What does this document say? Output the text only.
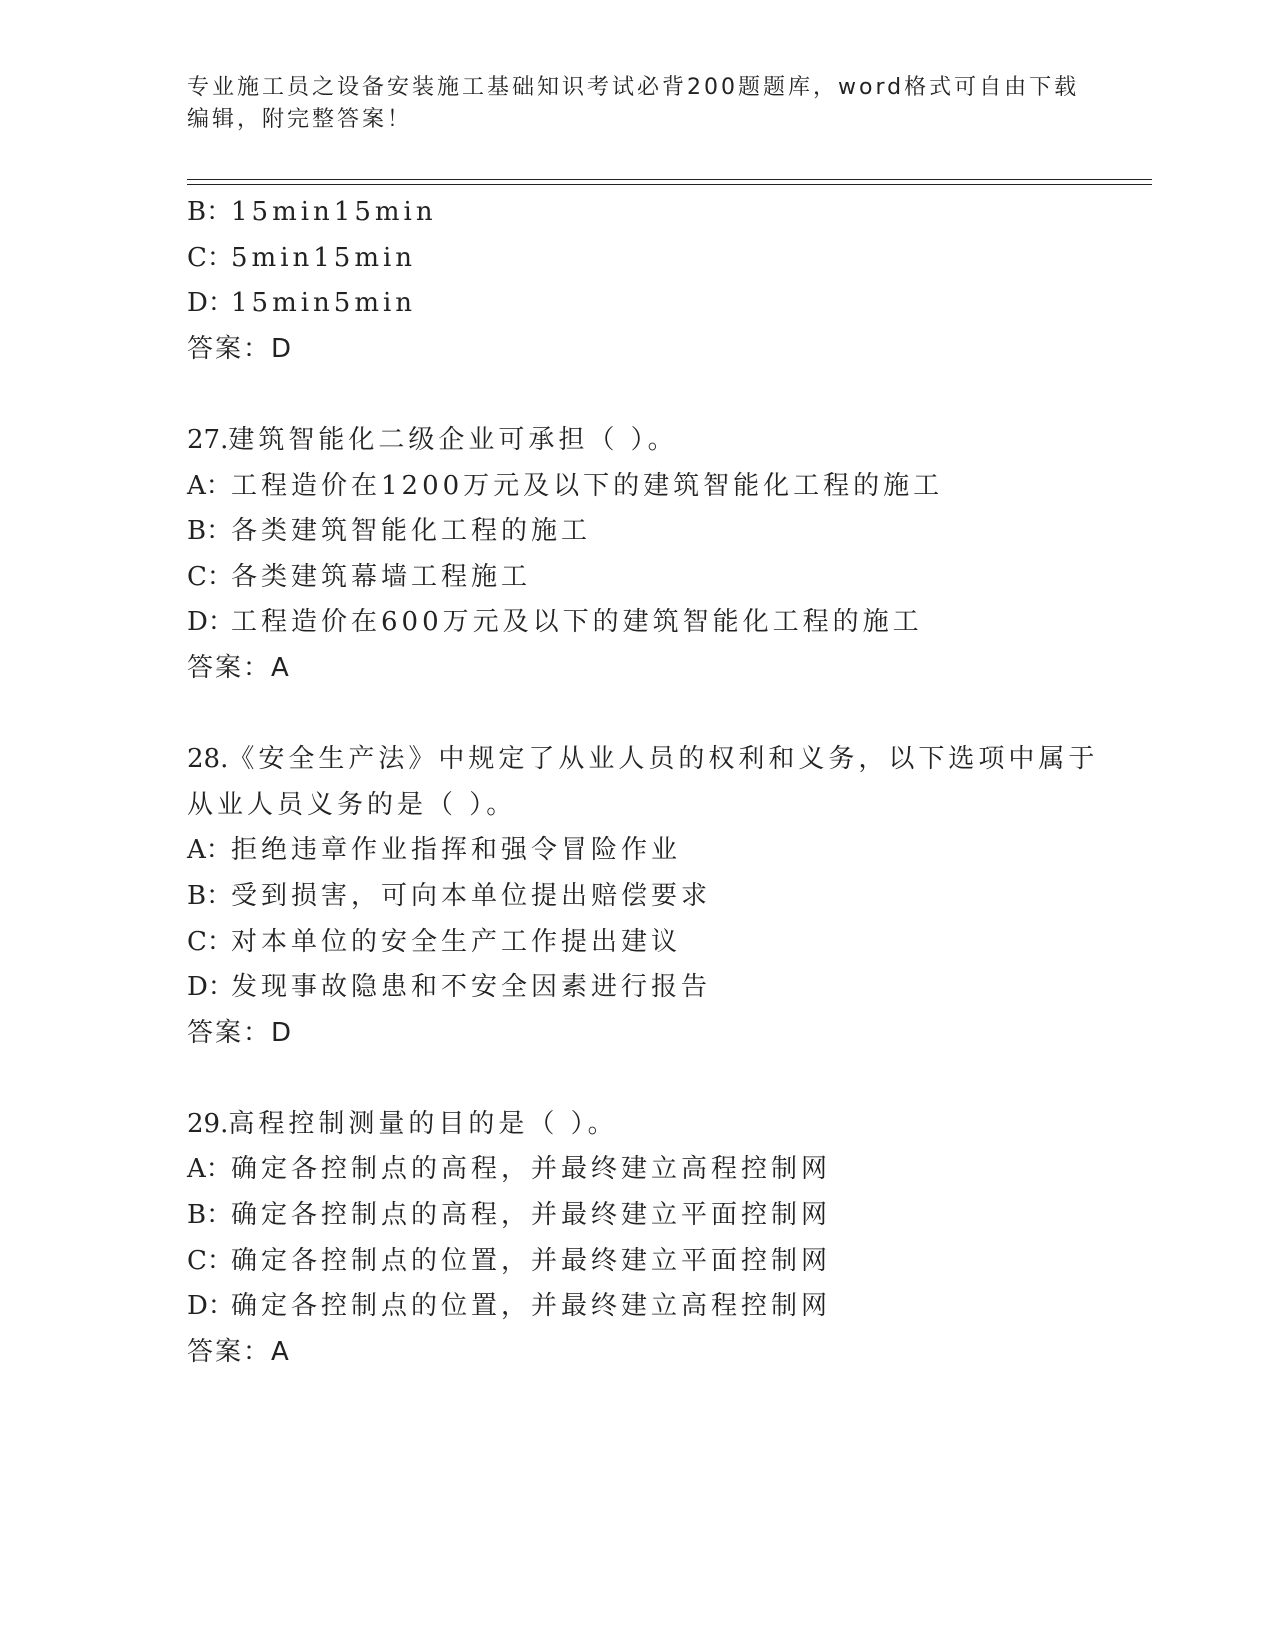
专业施工员之设备安装施工基础知识考试必背200题题库，word格式可自由下载
编辑，附完整答案！
B：15min15min
C：5min15min
D：15min5min
答案：D
27.建筑智能化二级企业可承担（ ）。
A：工程造价在1200万元及以下的建筑智能化工程的施工
B：各类建筑智能化工程的施工
C：各类建筑幕墙工程施工
D：工程造价在600万元及以下的建筑智能化工程的施工
答案：A
28.《安全生产法》中规定了从业人员的权利和义务，以下选项中属于
从业人员义务的是（ ）。
A：拒绝违章作业指挥和强令冒险作业
B：受到损害，可向本单位提出赔偿要求
C：对本单位的安全生产工作提出建议
D：发现事故隐患和不安全因素进行报告
答案：D
29.高程控制测量的目的是（ ）。
A：确定各控制点的高程，并最终建立高程控制网
B：确定各控制点的高程，并最终建立平面控制网
C：确定各控制点的位置，并最终建立平面控制网
D：确定各控制点的位置，并最终建立高程控制网
答案：A
